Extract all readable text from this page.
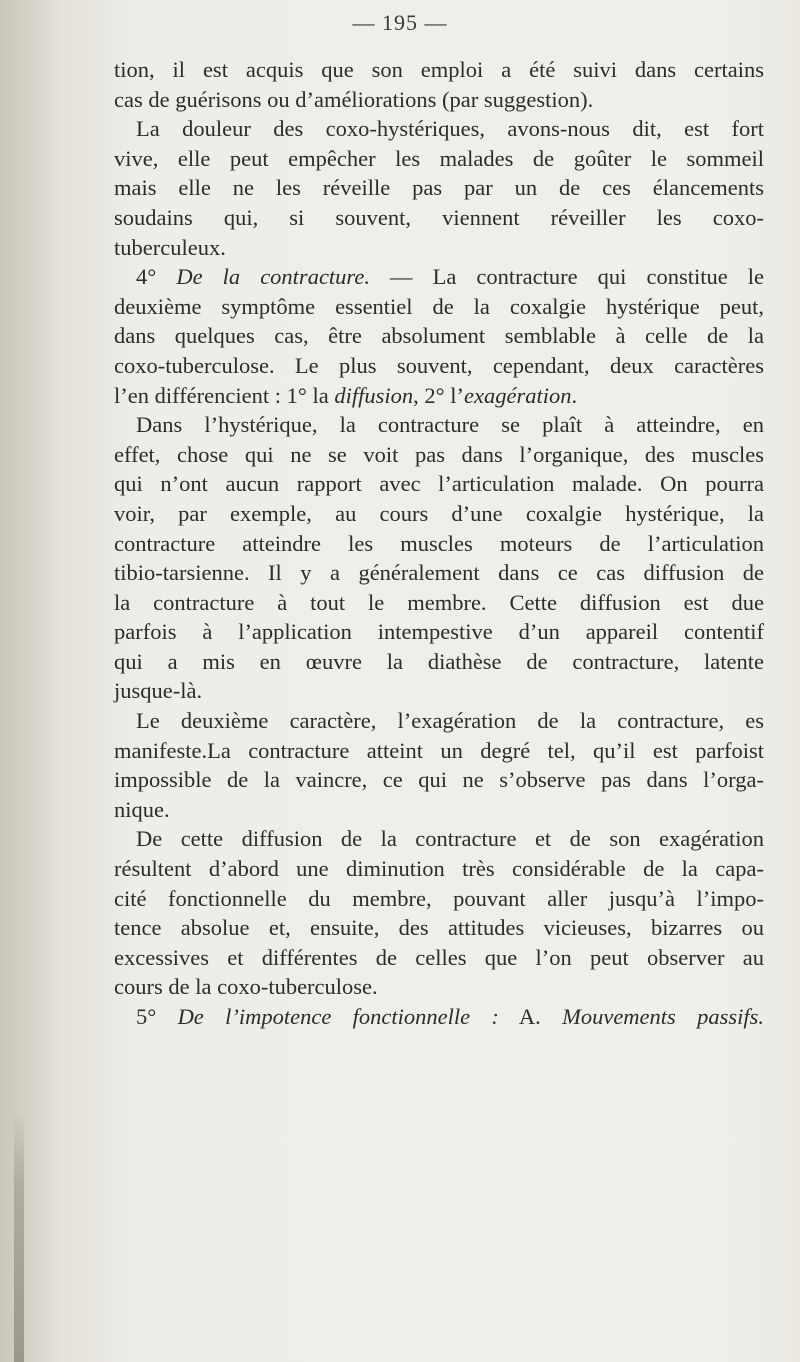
— 195 —
tion, il est acquis que son emploi a été suivi dans certains
cas de guérisons ou d’améliorations (par suggestion).
La douleur des coxo-hystériques, avons-nous dit, est fort
vive, elle peut empêcher les malades de goûter le sommeil
mais elle ne les réveille pas par un de ces élancements
soudains qui, si souvent, viennent réveiller les coxo-
tuberculeux.
4° De la contracture. — La contracture qui constitue le
deuxième symptôme essentiel de la coxalgie hystérique peut,
dans quelques cas, être absolument semblable à celle de la
coxo-tuberculose. Le plus souvent, cependant, deux caractères
l’en différencient : 1° la diffusion, 2° l’exagération.
Dans l’hystérique, la contracture se plaît à atteindre, en
effet, chose qui ne se voit pas dans l’organique, des muscles
qui n’ont aucun rapport avec l’articulation malade. On pourra
voir, par exemple, au cours d’une coxalgie hystérique, la
contracture atteindre les muscles moteurs de l’articulation
tibio-tarsienne. Il y a généralement dans ce cas diffusion de
la contracture à tout le membre. Cette diffusion est due
parfois à l’application intempestive d’un appareil contentif
qui a mis en œuvre la diathèse de contracture, latente
jusque-là.
Le deuxième caractère, l’exagération de la contracture, es
manifeste.La contracture atteint un degré tel, qu’il est parfoist
impossible de la vaincre, ce qui ne s’observe pas dans l’orga-
nique.
De cette diffusion de la contracture et de son exagération
résultent d’abord une diminution très considérable de la capa-
cité fonctionnelle du membre, pouvant aller jusqu’à l’impo-
tence absolue et, ensuite, des attitudes vicieuses, bizarres ou
excessives et différentes de celles que l’on peut observer au
cours de la coxo-tuberculose.
5° De l’impotence fonctionnelle : A. Mouvements passifs.
